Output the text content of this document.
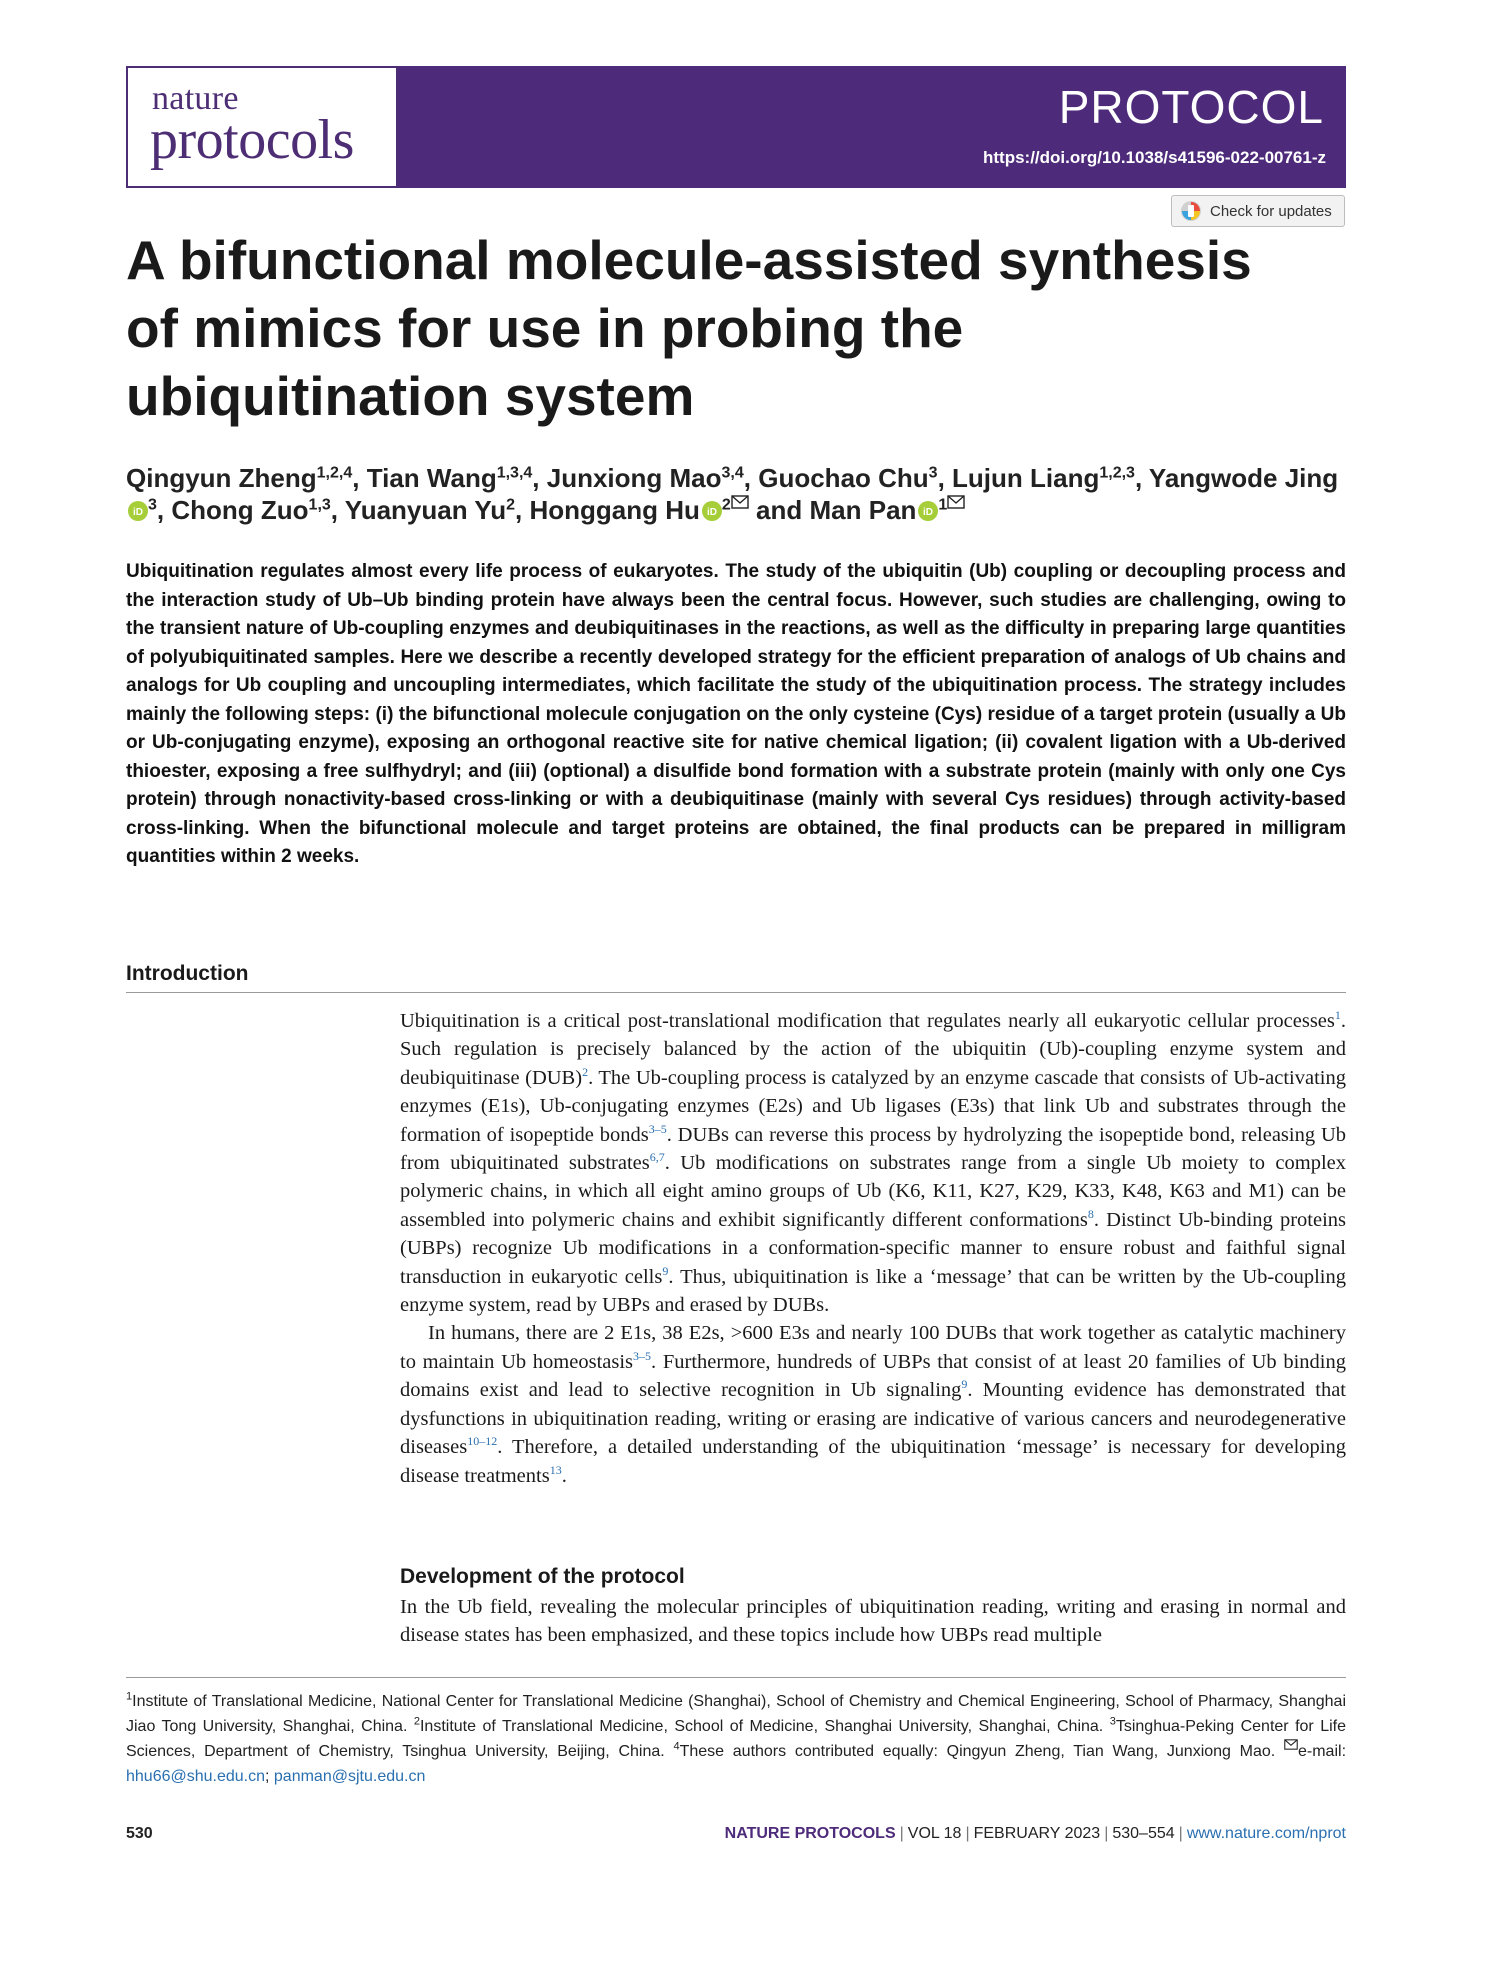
nature
protocols
PROTOCOL
https://doi.org/10.1038/s41596-022-00761-z
Check for updates
A bifunctional molecule-assisted synthesis of mimics for use in probing the ubiquitination system

Qingyun Zheng$^{1,2,4}$, Tian Wang$^{1,3,4}$, Junxiong Mao$^{3,4}$, Guochao Chu$^3$, Lujun Liang$^{1,2,3}$, Yangwode Jing
iD $^3$, Chong Zuo$^{1,3}$, Yuanyuan Yu$^2$, Honggang Hu iD $^2$ and Man Pan iD $^1$

Ubiquitination regulates almost every life process of eukaryotes. The study of the ubiquitin (Ub) coupling or decoupling process and the interaction study of Ub–Ub binding protein have always been the central focus. However, such studies are challenging, owing to the transient nature of Ub-coupling enzymes and deubiquitinases in the reactions, as well as the difficulty in preparing large quantities of polyubiquitinated samples. Here we describe a recently developed strategy for the efficient preparation of analogs of Ub chains and analogs for Ub coupling and uncoupling intermediates, which facilitate the study of the ubiquitination process. The strategy includes mainly the following steps: (i) the bifunctional molecule conjugation on the only cysteine (Cys) residue of a target protein (usually a Ub or Ub-conjugating enzyme), exposing an orthogonal reactive site for native chemical ligation; (ii) covalent ligation with a Ub-derived thioester, exposing a free sulfhydryl; and (iii) (optional) a disulfide bond formation with a substrate protein (mainly with only one Cys protein) through nonactivity-based cross-linking or with a deubiquitinase (mainly with several Cys residues) through activity-based cross-linking. When the bifunctional molecule and target proteins are obtained, the final products can be prepared in milligram quantities within 2 weeks.

Introduction

Ubiquitination is a critical post-translational modification that regulates nearly all eukaryotic cellular processes$^1$. Such regulation is precisely balanced by the action of the ubiquitin (Ub)-coupling enzyme system and deubiquitinase (DUB)$^2$. The Ub-coupling process is catalyzed by an enzyme cascade that consists of Ub-activating enzymes (E1s), Ub-conjugating enzymes (E2s) and Ub ligases (E3s) that link Ub and substrates through the formation of isopeptide bonds$^{3-5}$. DUBs can reverse this process by hydrolyzing the isopeptide bond, releasing Ub from ubiquitinated substrates$^{6,7}$. Ub modifications on substrates range from a single Ub moiety to complex polymeric chains, in which all eight amino groups of Ub (K6, K11, K27, K29, K33, K48, K63 and M1) can be assembled into polymeric chains and exhibit significantly different conformations$^8$. Distinct Ub-binding proteins (UBPs) recognize Ub modifications in a conformation-specific manner to ensure robust and faithful signal transduction in eukaryotic cells$^9$. Thus, ubiquitination is like a ‘message’ that can be written by the Ub-coupling enzyme system, read by UBPs and erased by DUBs.

In humans, there are 2 E1s, 38 E2s, >600 E3s and nearly 100 DUBs that work together as catalytic machinery to maintain Ub homeostasis$^{3-5}$. Furthermore, hundreds of UBPs that consist of at least 20 families of Ub binding domains exist and lead to selective recognition in Ub signaling$^9$. Mounting evidence has demonstrated that dysfunctions in ubiquitination reading, writing or erasing are indicative of various cancers and neurodegenerative diseases$^{10-12}$. Therefore, a detailed understanding of the ubiquitination ‘message’ is necessary for developing disease treatments$^{13}$.

Development of the protocol

In the Ub field, revealing the molecular principles of ubiquitination reading, writing and erasing in normal and disease states has been emphasized, and these topics include how UBPs read multiple

$^1$Institute of Translational Medicine, National Center for Translational Medicine (Shanghai), School of Chemistry and Chemical Engineering, School of Pharmacy, Shanghai Jiao Tong University, Shanghai, China. $^2$Institute of Translational Medicine, School of Medicine, Shanghai University, Shanghai, China. $^3$Tsinghua-Peking Center for Life Sciences, Department of Chemistry, Tsinghua University, Beijing, China. $^4$These authors contributed equally: Qingyun Zheng, Tian Wang, Junxiong Mao. e-mail: hhu66@shu.edu.cn; panman@sjtu.edu.cn

530	NATURE PROTOCOLS | VOL 18 | FEBRUARY 2023 | 530–554 | www.nature.com/nprot
